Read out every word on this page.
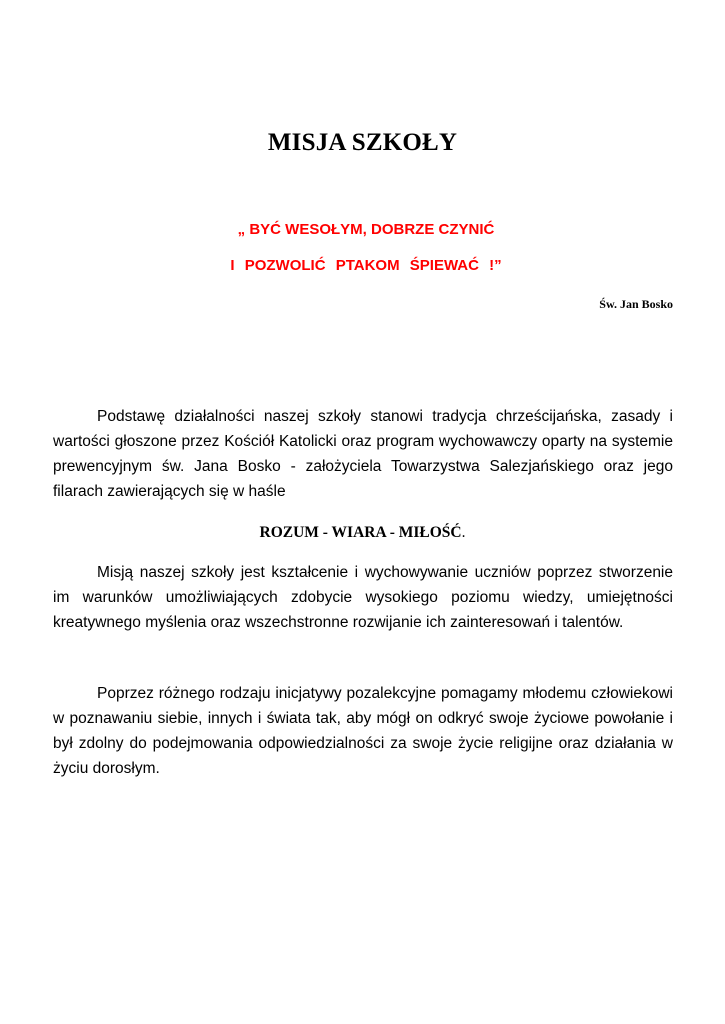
MISJA SZKOŁY

„ BYĆ WESOŁYM, DOBRZE CZYNIĆ

I POZWOLIĆ PTAKOM ŚPIEWAĆ !”

Św. Jan Bosko

Podstawę działalności naszej szkoły stanowi tradycja chrześcijańska, zasady i wartości głoszone przez Kościół Katolicki oraz program wychowawczy oparty na systemie prewencyjnym św. Jana Bosko - założyciela Towarzystwa Salezjańskiego oraz jego filarach zawierających się w haśle

ROZUM - WIARA - MIŁOŚĆ.

Misją naszej szkoły jest kształcenie i wychowywanie uczniów poprzez stworzenie im warunków umożliwiających zdobycie wysokiego poziomu wiedzy, umiejętności kreatywnego myślenia oraz wszechstronne rozwijanie ich zainteresowań i talentów.

Poprzez różnego rodzaju inicjatywy pozalekcyjne pomagamy młodemu człowiekowi w poznawaniu siebie, innych i świata tak, aby mógł on odkryć swoje życiowe powołanie i był zdolny do podejmowania odpowiedzialności za swoje życie religijne oraz działania w życiu dorosłym.
